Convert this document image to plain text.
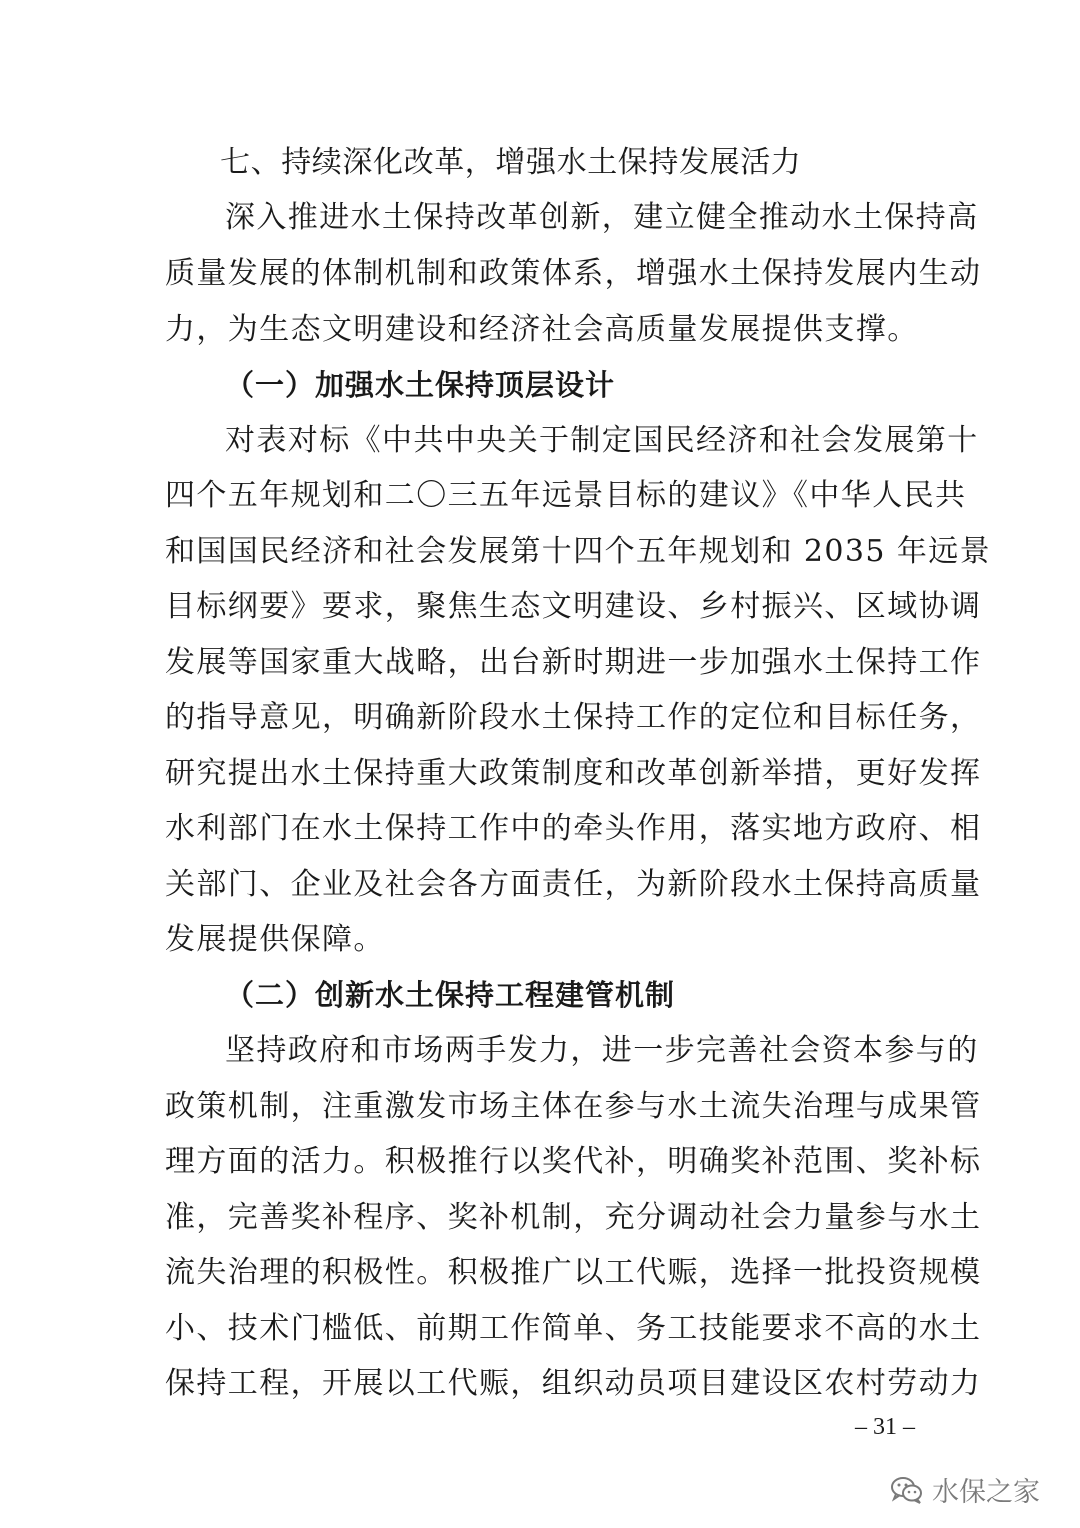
七、持续深化改革，增强水土保持发展活力
深入推进水土保持改革创新，建立健全推动水土保持高
质量发展的体制机制和政策体系，增强水土保持发展内生动
力，为生态文明建设和经济社会高质量发展提供支撑。
（一）加强水土保持顶层设计
对表对标《中共中央关于制定国民经济和社会发展第十
四个五年规划和二〇三五年远景目标的建议》《中华人民共
和国国民经济和社会发展第十四个五年规划和 2035 年远景
目标纲要》要求，聚焦生态文明建设、乡村振兴、区域协调
发展等国家重大战略，出台新时期进一步加强水土保持工作
的指导意见，明确新阶段水土保持工作的定位和目标任务，
研究提出水土保持重大政策制度和改革创新举措，更好发挥
水利部门在水土保持工作中的牵头作用，落实地方政府、相
关部门、企业及社会各方面责任，为新阶段水土保持高质量
发展提供保障。
（二）创新水土保持工程建管机制
坚持政府和市场两手发力，进一步完善社会资本参与的
政策机制，注重激发市场主体在参与水土流失治理与成果管
理方面的活力。积极推行以奖代补，明确奖补范围、奖补标
准，完善奖补程序、奖补机制，充分调动社会力量参与水土
流失治理的积极性。积极推广以工代赈，选择一批投资规模
小、技术门槛低、前期工作简单、务工技能要求不高的水土
保持工程，开展以工代赈，组织动员项目建设区农村劳动力
– 31 –
水保之家
